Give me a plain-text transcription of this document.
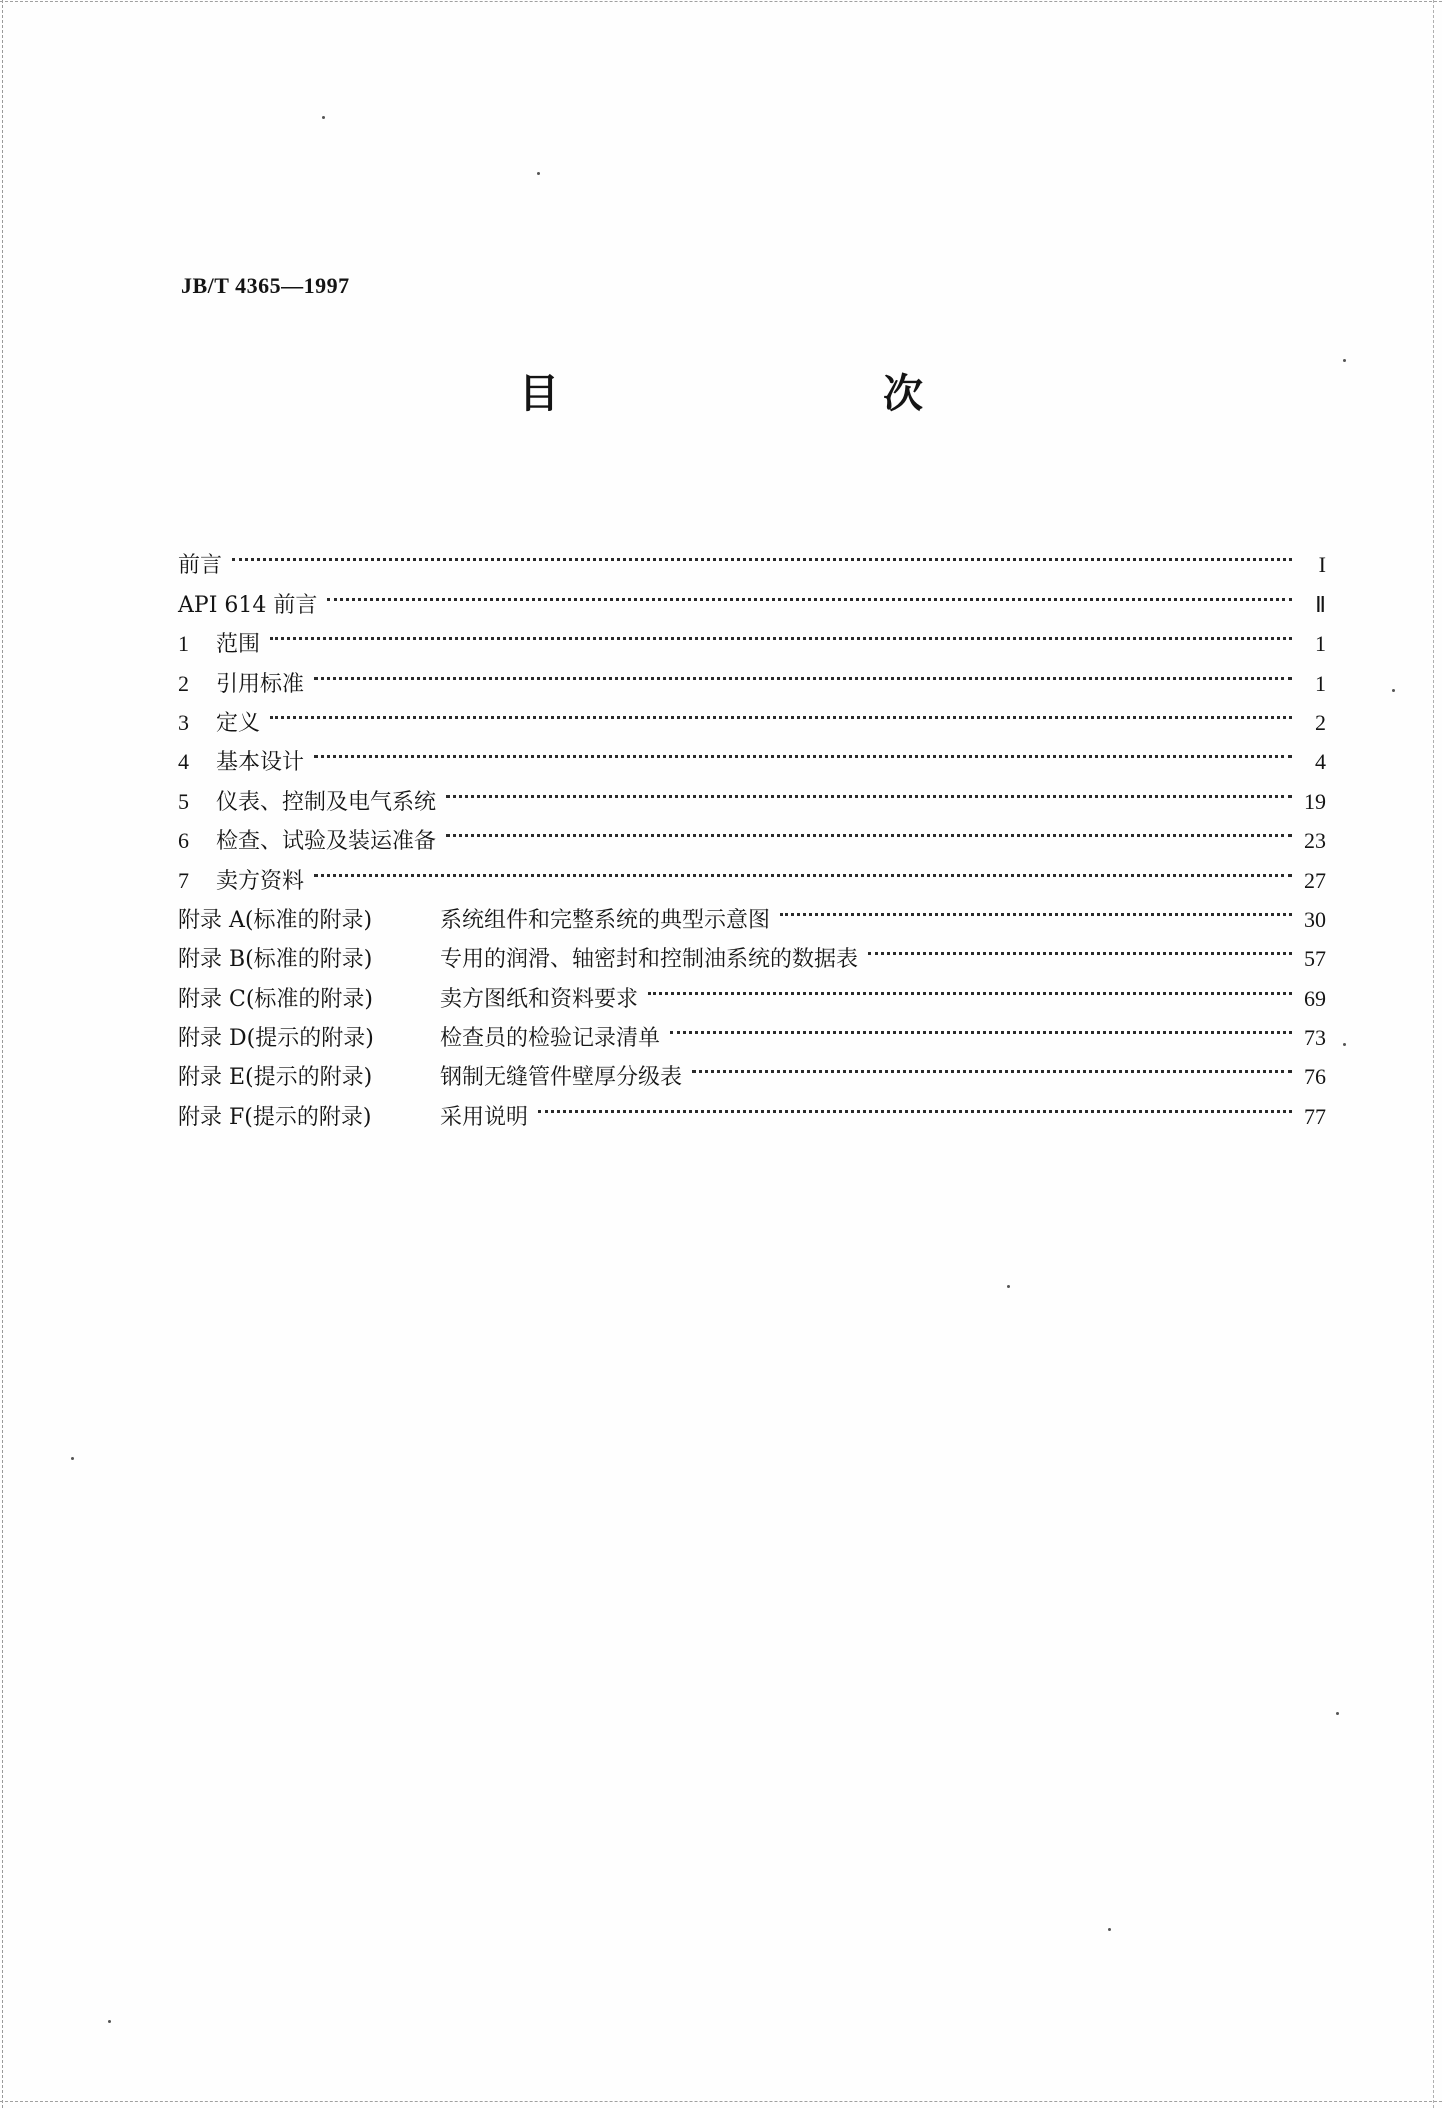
JB/T 4365—1997
目 次
前言	I
API 614 前言	Ⅱ
1 范围	1
2 引用标准	1
3 定义	2
4 基本设计	4
5 仪表、控制及电气系统	19
6 检查、试验及装运准备	23
7 卖方资料	27
附录 A(标准的附录)	系统组件和完整系统的典型示意图	30
附录 B(标准的附录)	专用的润滑、轴密封和控制油系统的数据表	57
附录 C(标准的附录)	卖方图纸和资料要求	69
附录 D(提示的附录)	检查员的检验记录清单	73
附录 E(提示的附录)	钢制无缝管件壁厚分级表	76
附录 F(提示的附录)	采用说明	77
